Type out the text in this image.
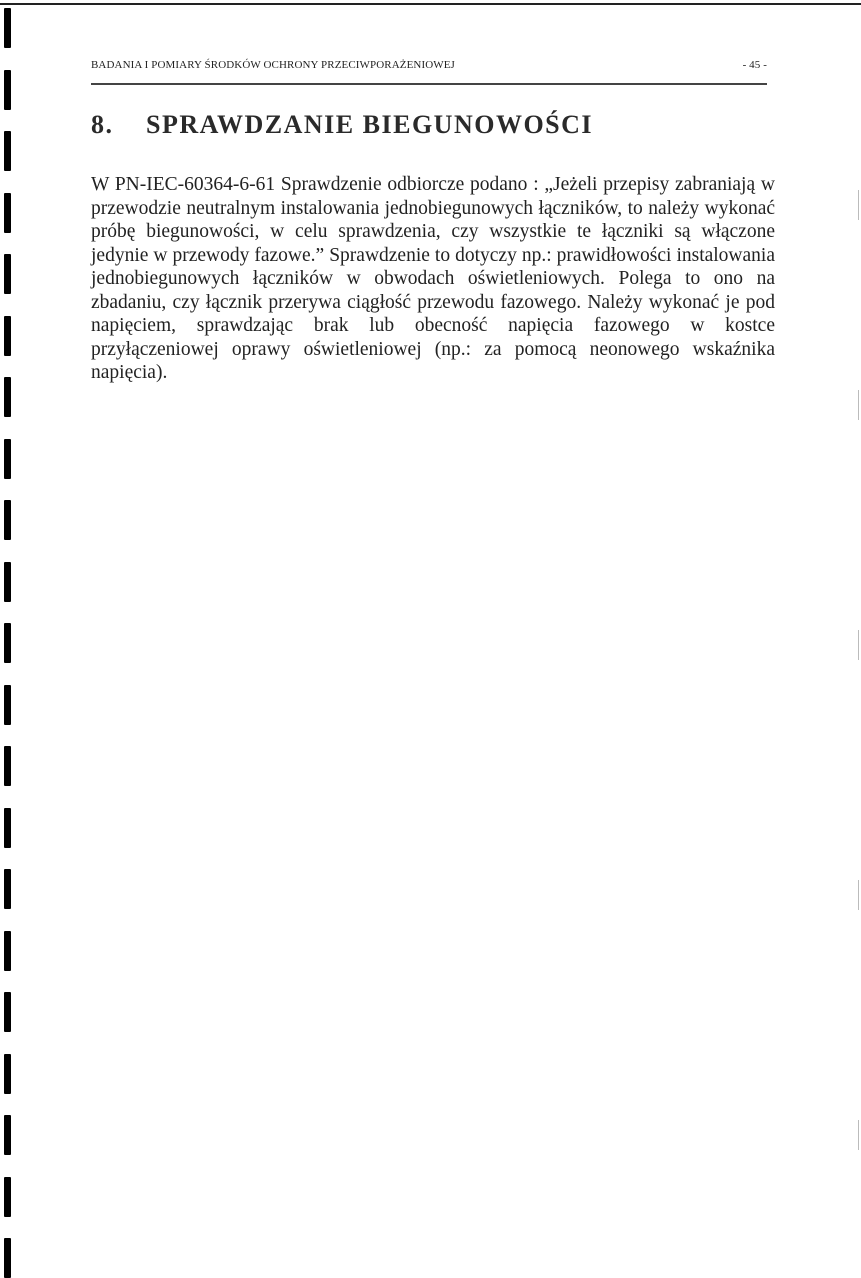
BADANIA I POMIARY ŚRODKÓW OCHRONY PRZECIWPORAŻENIOWEJ	- 45 -
8. SPRAWDZANIE BIEGUNOWOŚCI
W PN-IEC-60364-6-61 Sprawdzenie odbiorcze podano : „Jeżeli przepisy zabraniają w przewodzie neutralnym instalowania jednobiegunowych łączników, to należy wykonać próbę biegunowości, w celu sprawdzenia, czy wszystkie te łączniki są włączone jedynie w przewody fazowe.” Sprawdzenie to dotyczy np.: prawidłowości instalowania jednobiegunowych łączników w obwodach oświetleniowych. Polega to ono na zbadaniu, czy łącznik przerywa ciągłość przewodu fazowego. Należy wykonać je pod napięciem, sprawdzając brak lub obecność napięcia fazowego w kostce przyłączeniowej oprawy oświetleniowej (np.: za pomocą neonowego wskaźnika napięcia).
